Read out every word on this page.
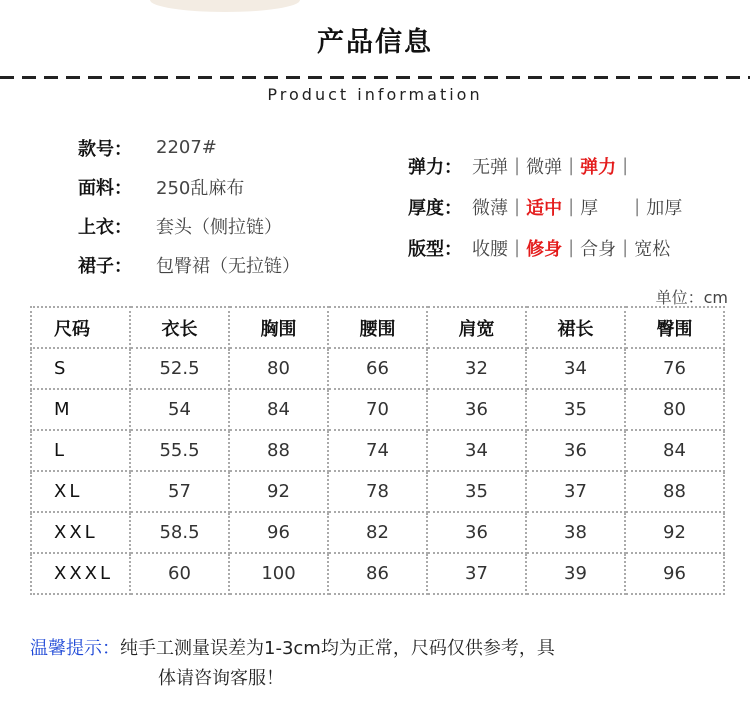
产品信息
Product information
款号：	2207#
面料：	250乱麻布
上衣：	套头（侧拉链）
裙子：	包臀裙（无拉链）
弹力： 无弹 | 微弹 | 弹力 |
厚度： 微薄 | 适中 | 厚	| 加厚
版型： 收腰 | 修身 | 合身 | 宽松
单位：cm
尺码	衣长	胸围	腰围	肩宽	裙长	臀围
S	52.5	80	66	32	34	76
M	54	84	70	36	35	80
L	55.5	88	74	34	36	84
XL	57	92	78	35	37	88
XXL	58.5	96	82	36	38	92
XXXL	60	100	86	37	39	96
温馨提示： 纯手工测量误差为1-3cm均为正常，尺码仅供参考，具
体请咨询客服！
